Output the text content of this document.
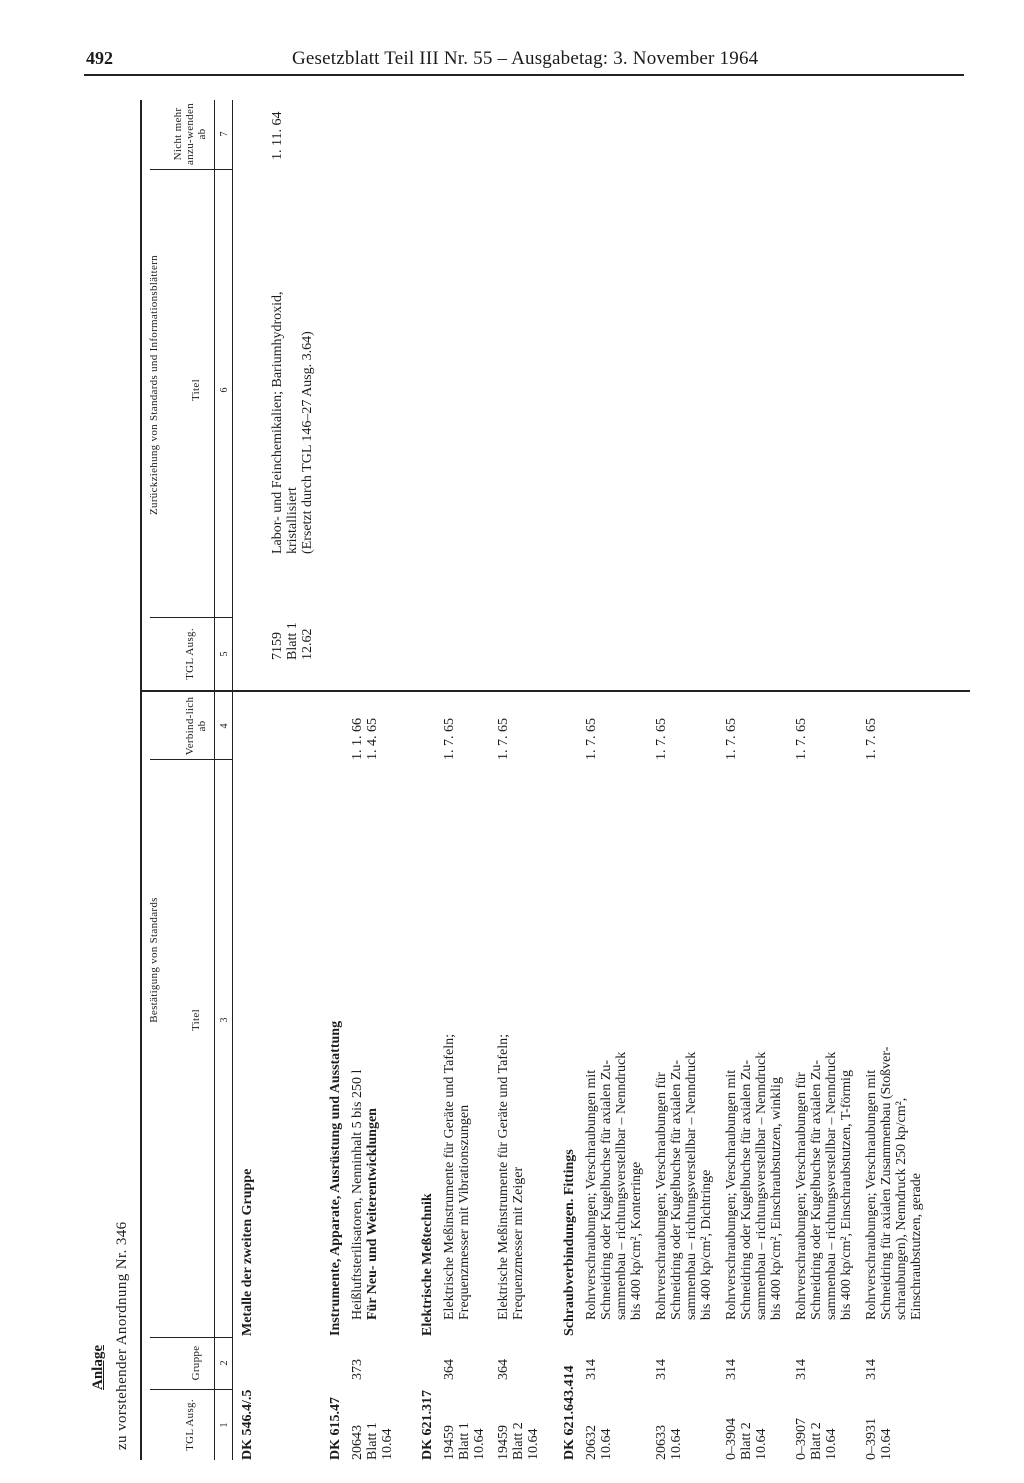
492	Gesetzblatt Teil III Nr. 55 – Ausgabetag: 3. November 1964
Anlage zu vorstehender Anordnung Nr. 346
Bestätigung von Standards
Zurückziehung von Standards und Informationsblättern
TGL Ausg.
Gruppe
Titel
Verbind-lich ab
TGL Ausg.
Titel
Nicht mehr anzu-wenden ab
1
2
3
4
5
6
7
DK 546.4/.5
Metalle der zweiten Gruppe
7159
Blatt 1
12.62
Labor- und Feinchemikalien; Bariumhydroxid,
kristallisiert
(Ersetzt durch TGL 146–27 Ausg. 3.64)
1. 11. 64
DK 615.47
Instrumente, Apparate, Ausrüstung und Ausstattung
20643
Blatt 1
10.64
373
Heißluftsterilisatoren, Nenninhalt 5 bis 250 l Für Neu- und Weiterentwicklungen
1. 1. 66
1. 4. 65
DK 621.317
Elektrische Meßtechnik
19459
Blatt 1
10.64
364
Elektrische Meßinstrumente für Geräte und Tafeln;
Frequenzmesser mit Vibrationszungen
1. 7. 65
19459
Blatt 2
10.64
364
Elektrische Meßinstrumente für Geräte und Tafeln;
Frequenzmesser mit Zeiger
1. 7. 65
DK 621.643.414
Schraubverbindungen. Fittings
20632
10.64
314
Rohrverschraubungen; Verschraubungen mit
Schneidring oder Kugelbuchse für axialen Zu-
sammenbau – richtungsverstellbar – Nenndruck
bis 400 kp/cm², Konterringe
1. 7. 65
20633
10.64
314
Rohrverschraubungen; Verschraubungen für
Schneidring oder Kugelbuchse für axialen Zu-
sammenbau – richtungsverstellbar – Nenndruck
bis 400 kp/cm², Dichtringe
1. 7. 65
0–3904
Blatt 2
10.64
314
Rohrverschraubungen; Verschraubungen mit
Schneidring oder Kugelbuchse für axialen Zu-
sammenbau – richtungsverstellbar – Nenndruck
bis 400 kp/cm², Einschraubstutzen, winklig
1. 7. 65
0–3907
Blatt 2
10.64
314
Rohrverschraubungen; Verschraubungen für
Schneidring oder Kugelbuchse für axialen Zu-
sammenbau – richtungsverstellbar – Nenndruck
bis 400 kp/cm², Einschraubstutzen, T-förmig
1. 7. 65
0–3931
10.64
314
Rohrverschraubungen; Verschraubungen mit
Schneidring für axialen Zusammenbau (Stoßver-
schraubungen), Nenndruck 250 kp/cm²,
Einschraubstutzen, gerade
1. 7. 65
